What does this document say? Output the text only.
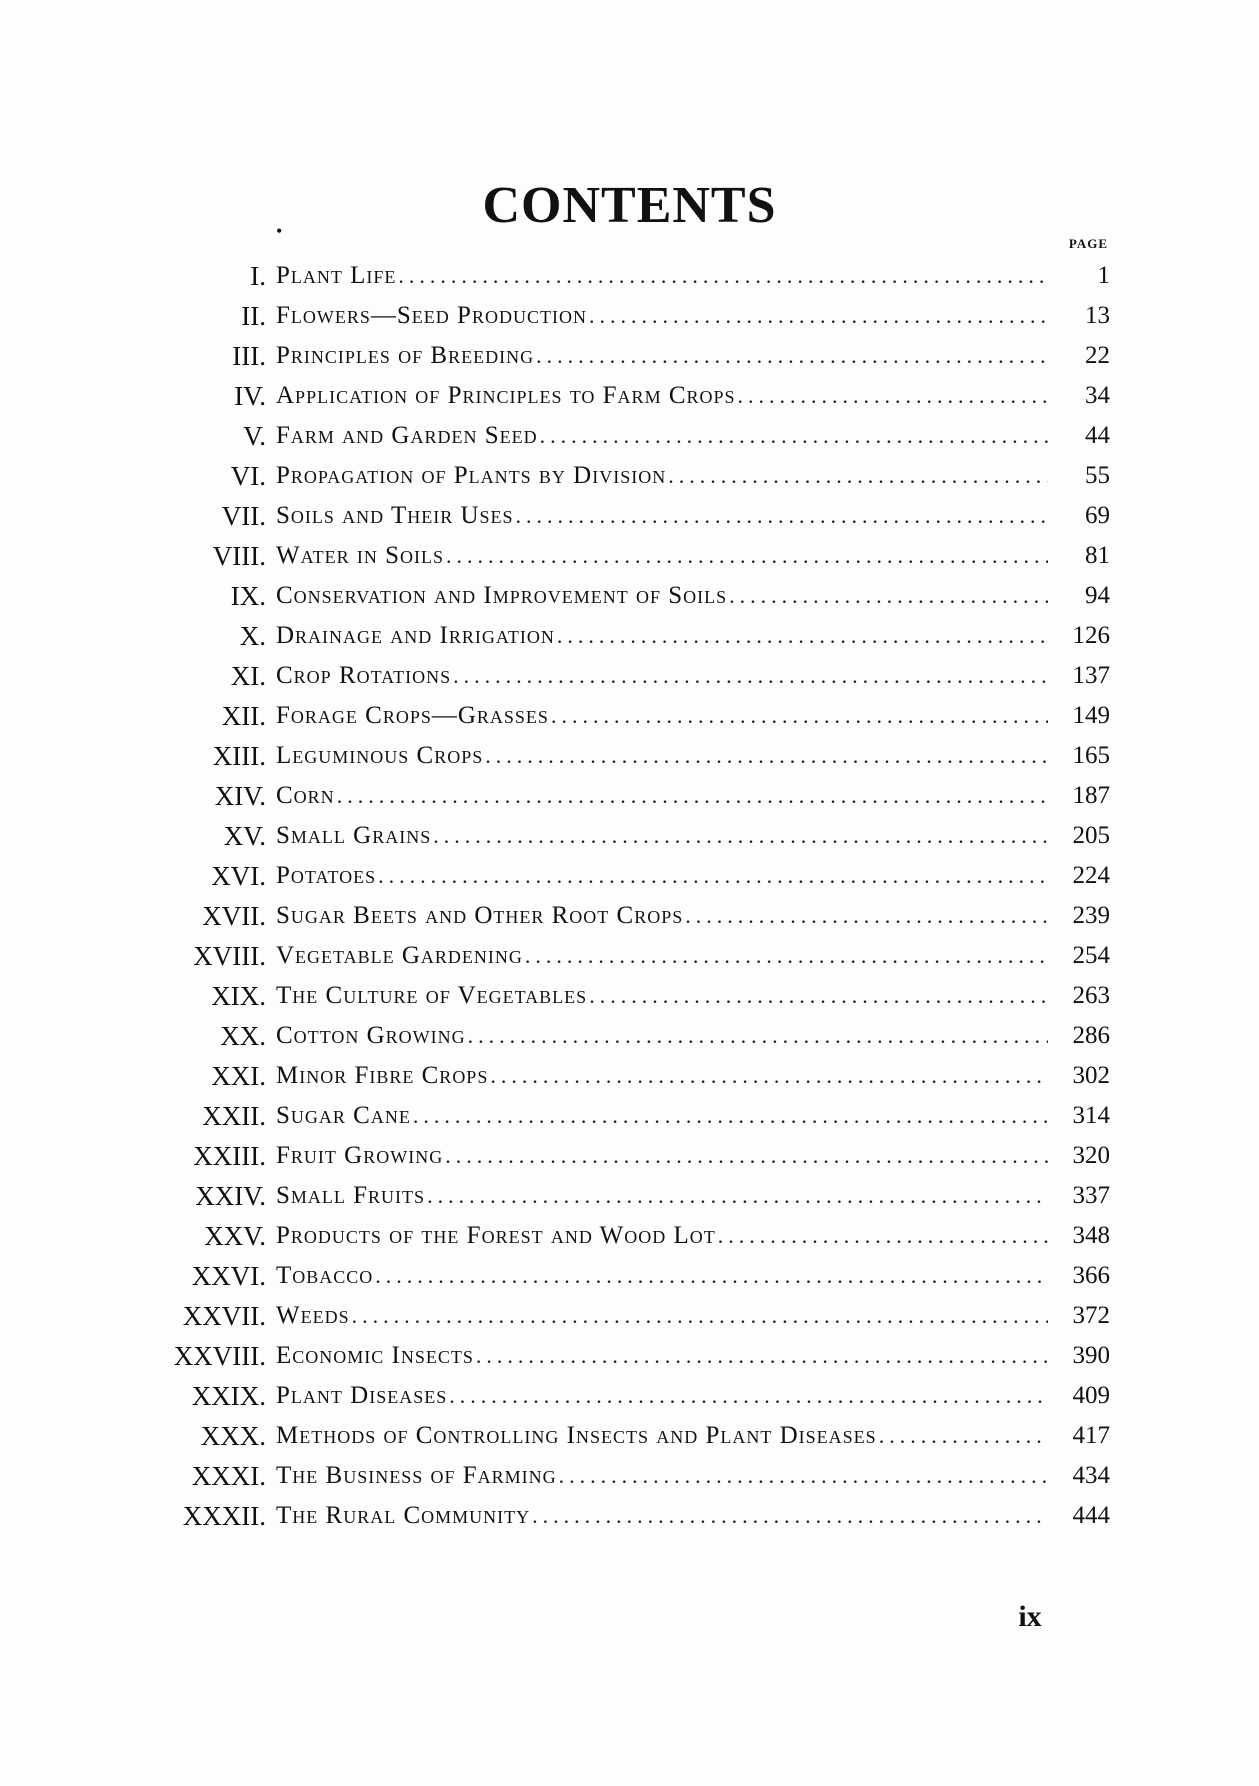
CONTENTS
•
PAGE
I. Plant Life .....	1
II. Flowers—Seed Production .....	13
III. Principles of Breeding .....	22
IV. Application of Principles to Farm Crops .....	34
V. Farm and Garden Seed .....	44
VI. Propagation of Plants by Division .....	55
VII. Soils and Their Uses .....	69
VIII. Water in Soils .....	81
IX. Conservation and Improvement of Soils .....	94
X. Drainage and Irrigation .....	126
XI. Crop Rotations .....	137
XII. Forage Crops—Grasses .....	149
XIII. Leguminous Crops .....	165
XIV. Corn .....	187
XV. Small Grains .....	205
XVI. Potatoes .....	224
XVII. Sugar Beets and Other Root Crops .....	239
XVIII. Vegetable Gardening .....	254
XIX. The Culture of Vegetables .....	263
XX. Cotton Growing .....	286
XXI. Minor Fibre Crops .....	302
XXII. Sugar Cane .....	314
XXIII. Fruit Growing .....	320
XXIV. Small Fruits .....	337
XXV. Products of the Forest and Wood Lot .....	348
XXVI. Tobacco .....	366
XXVII. Weeds .....	372
XXVIII. Economic Insects .....	390
XXIX. Plant Diseases .....	409
XXX. Methods of Controlling Insects and Plant Diseases .....	417
XXXI. The Business of Farming .....	434
XXXII. The Rural Community .....	444
ix
